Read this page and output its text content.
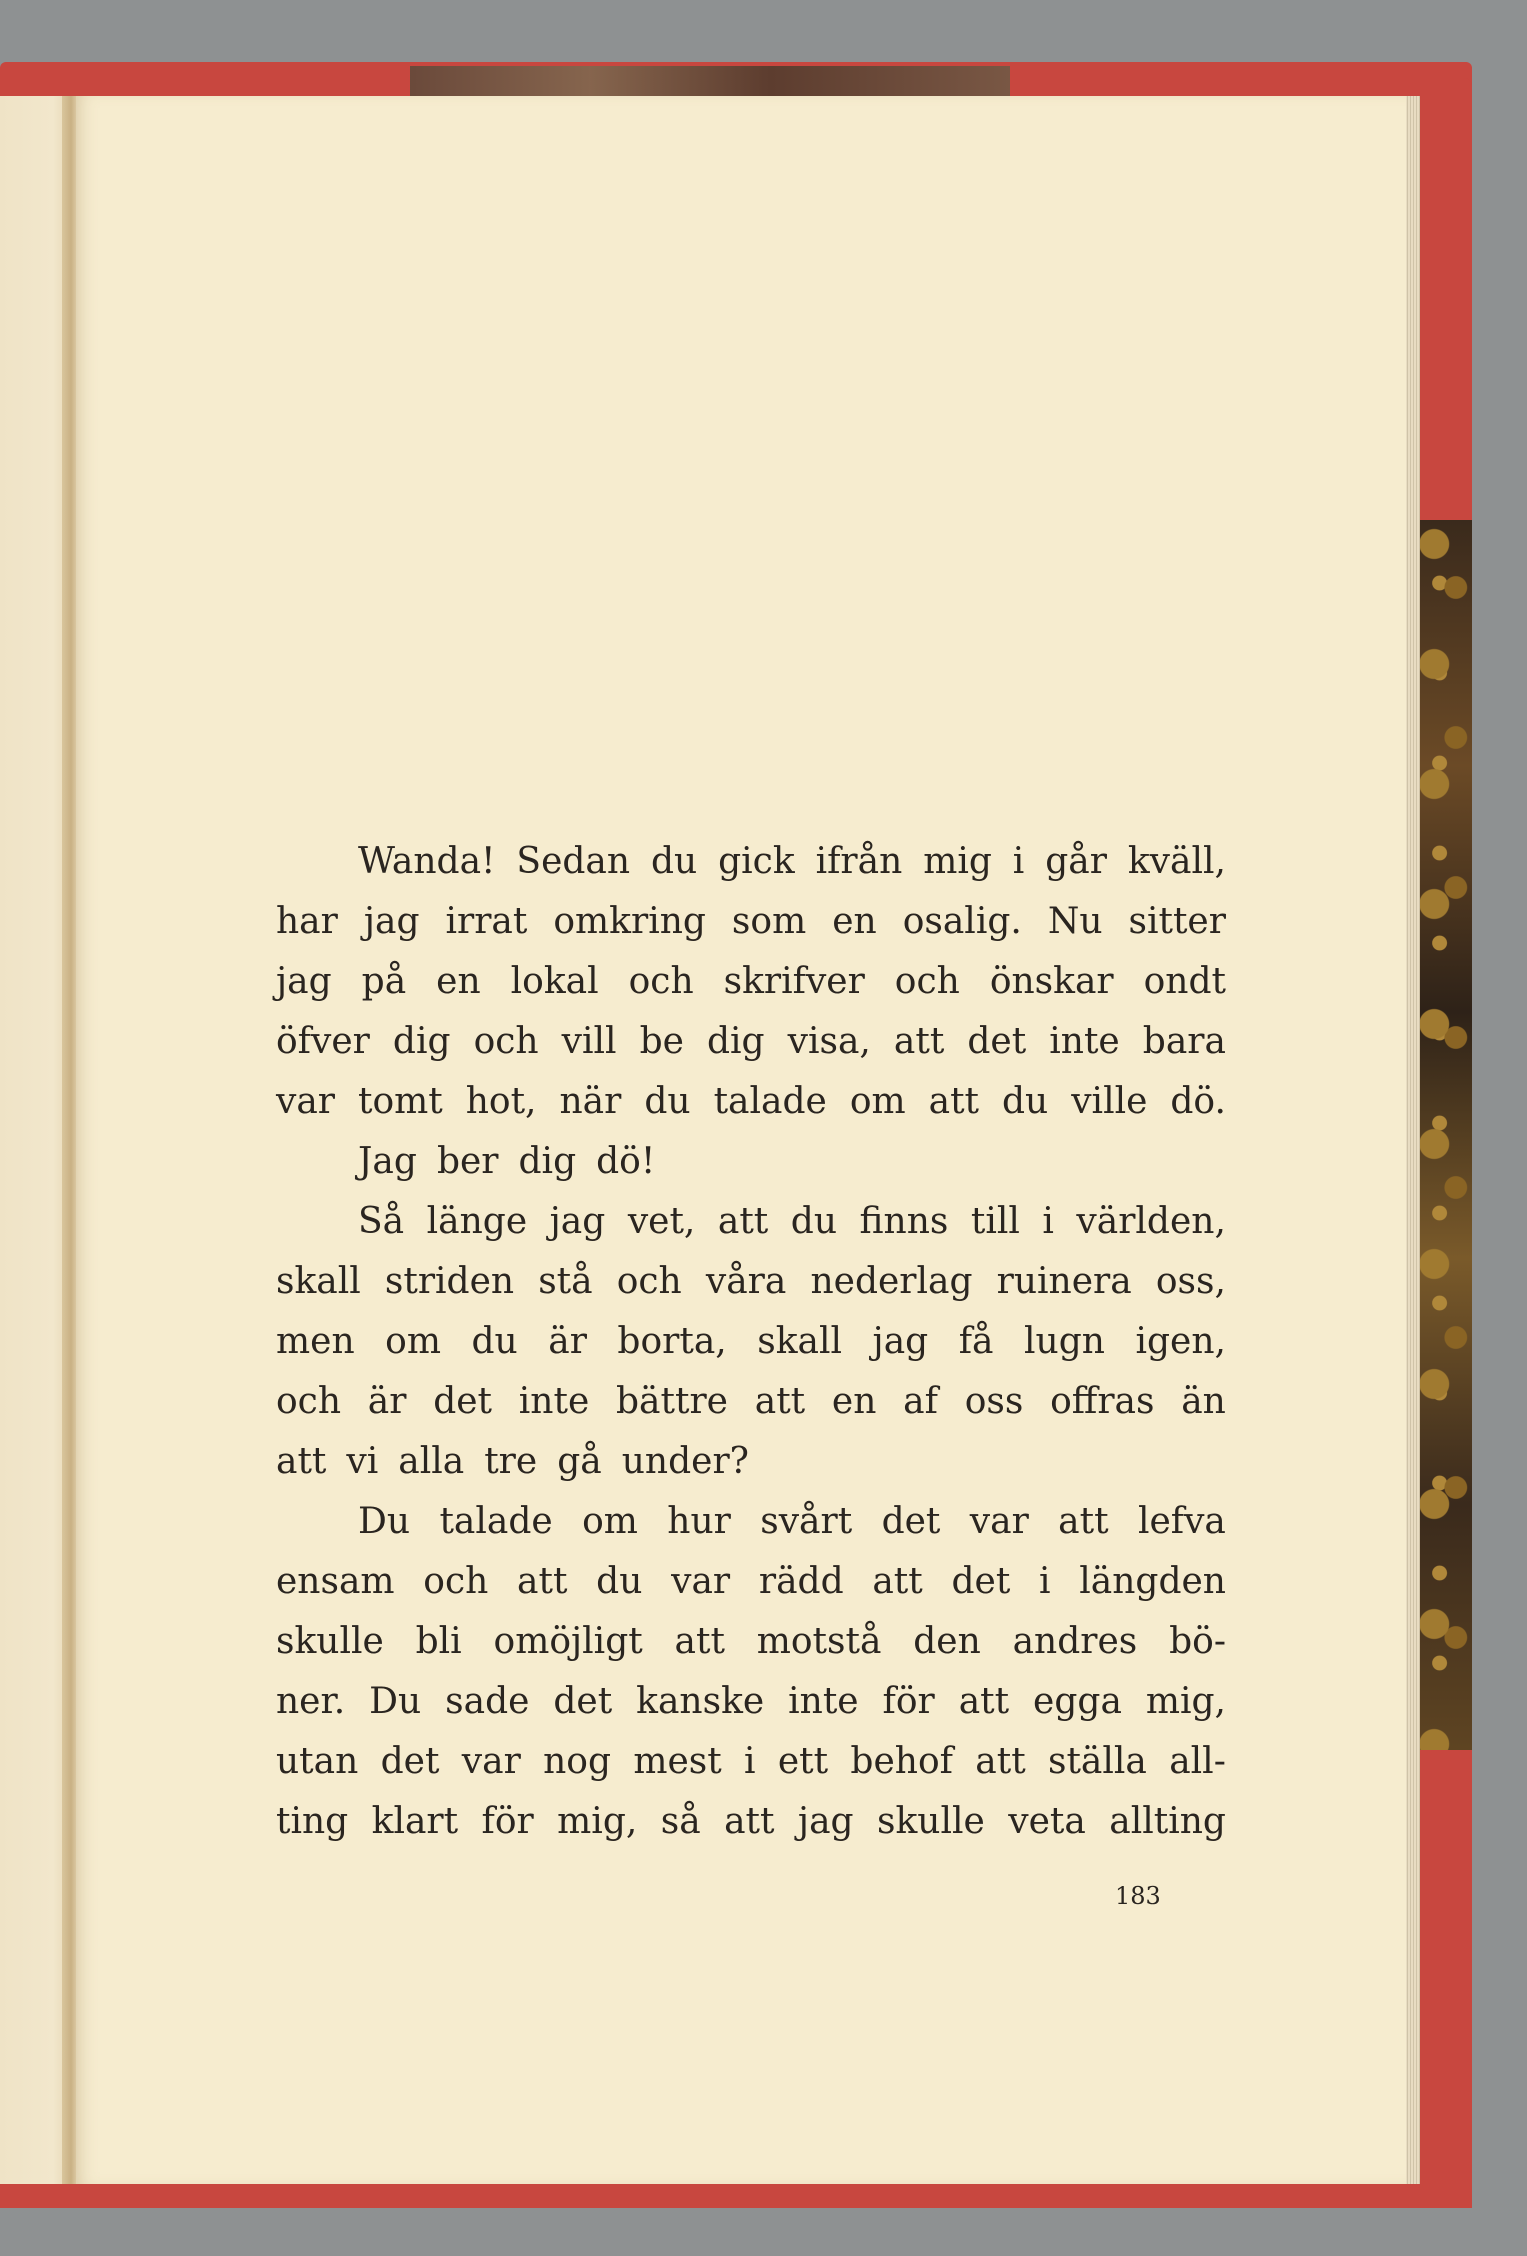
Wanda! Sedan du gick ifrån mig i går kväll,
har jag irrat omkring som en osalig. Nu sitter
jag på en lokal och skrifver och önskar ondt
öfver dig och vill be dig visa, att det inte bara
var tomt hot, när du talade om att du ville dö.
Jag ber dig dö!
Så länge jag vet, att du finns till i världen,
skall striden stå och våra nederlag ruinera oss,
men om du är borta, skall jag få lugn igen,
och är det inte bättre att en af oss offras än
att vi alla tre gå under?
Du talade om hur svårt det var att lefva
ensam och att du var rädd att det i längden
skulle bli omöjligt att motstå den andres bö-
ner. Du sade det kanske inte för att egga mig,
utan det var nog mest i ett behof att ställa all-
ting klart för mig, så att jag skulle veta allting
183
